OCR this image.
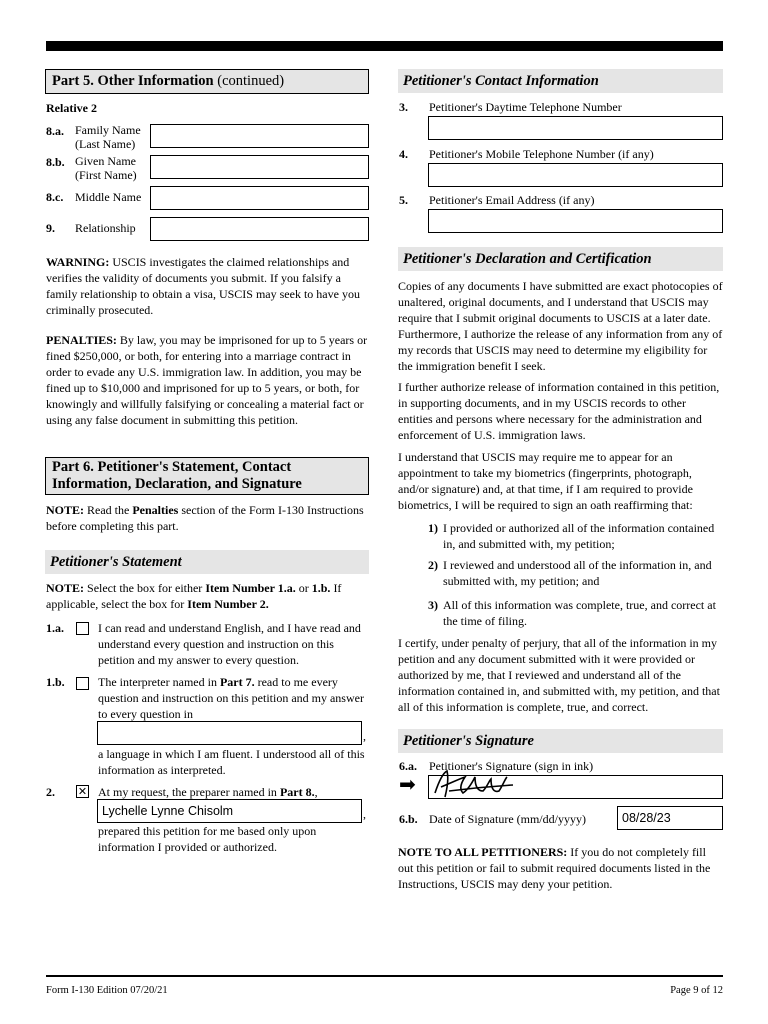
Part 5. Other Information (continued)
Relative 2
8.a. Family Name
(Last Name)
8.b. Given Name
(First Name)
8.c. Middle Name
9. Relationship
WARNING: USCIS investigates the claimed relationships and verifies the validity of documents you submit. If you falsify a family relationship to obtain a visa, USCIS may seek to have you criminally prosecuted.
PENALTIES: By law, you may be imprisoned for up to 5 years or fined $250,000, or both, for entering into a marriage contract in order to evade any U.S. immigration law. In addition, you may be fined up to $10,000 and imprisoned for up to 5 years, or both, for knowingly and willfully falsifying or concealing a material fact or using any false document in submitting this petition.
Part 6. Petitioner's Statement, Contact
Information, Declaration, and Signature
NOTE: Read the Penalties section of the Form I-130 Instructions before completing this part.
Petitioner's Statement
NOTE: Select the box for either Item Number 1.a. or 1.b. If applicable, select the box for Item Number 2.
1.a.	I can read and understand English, and I have read and understand every question and instruction on this petition and my answer to every question.
1.b.	The interpreter named in Part 7. read to me every question and instruction on this petition and my answer to every question in
,
a language in which I am fluent. I understood all of this information as interpreted.
2. ✕ At my request, the preparer named in Part 8.,
Lychelle Lynne Chisolm	,
prepared this petition for me based only upon information I provided or authorized.
Petitioner's Contact Information
3. Petitioner's Daytime Telephone Number
4. Petitioner's Mobile Telephone Number (if any)
5. Petitioner's Email Address (if any)
Petitioner's Declaration and Certification
Copies of any documents I have submitted are exact photocopies of unaltered, original documents, and I understand that USCIS may require that I submit original documents to USCIS at a later date. Furthermore, I authorize the release of any information from any of my records that USCIS may need to determine my eligibility for the immigration benefit I seek.
I further authorize release of information contained in this petition, in supporting documents, and in my USCIS records to other entities and persons where necessary for the administration and enforcement of U.S. immigration laws.
I understand that USCIS may require me to appear for an appointment to take my biometrics (fingerprints, photograph, and/or signature) and, at that time, if I am required to provide biometrics, I will be required to sign an oath reaffirming that:
1) I provided or authorized all of the information contained in, and submitted with, my petition;
2) I reviewed and understood all of the information in, and submitted with, my petition; and
3) All of this information was complete, true, and correct at the time of filing.
I certify, under penalty of perjury, that all of the information in my petition and any document submitted with it were provided or authorized by me, that I reviewed and understand all of the information contained in, and submitted with, my petition, and that all of this information is complete, true, and correct.
Petitioner's Signature
6.a. Petitioner's Signature (sign in ink)
➡
6.b. Date of Signature (mm/dd/yyyy)	08/28/23
NOTE TO ALL PETITIONERS: If you do not completely fill out this petition or fail to submit required documents listed in the Instructions, USCIS may deny your petition.
Form I-130 Edition 07/20/21	Page 9 of 12
